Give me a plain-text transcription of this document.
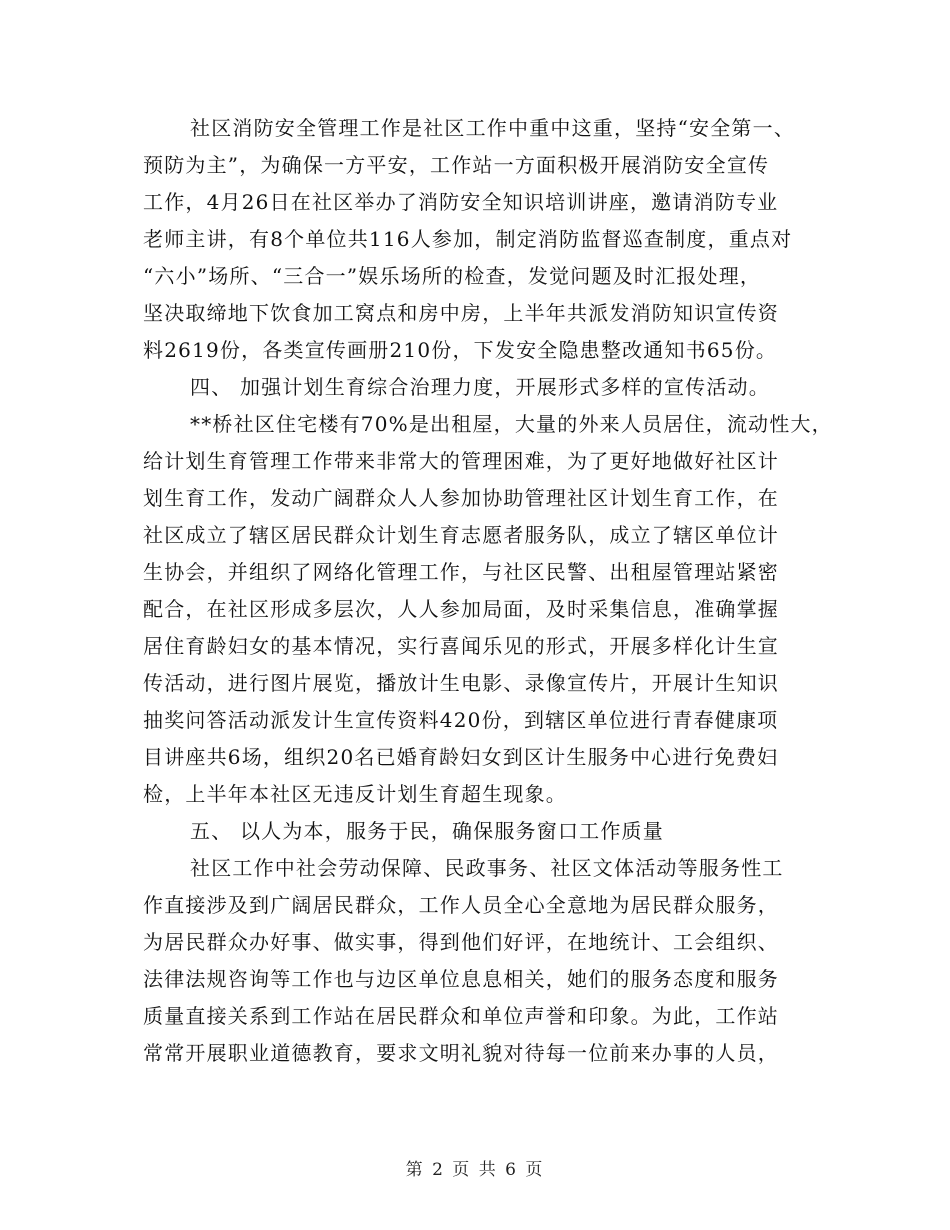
社区消防安全管理工作是社区工作中重中这重，坚持“安全第一、
预防为主”，为确保一方平安，工作站一方面积极开展消防安全宣传
工作，4月26日在社区举办了消防安全知识培训讲座，邀请消防专业
老师主讲，有8个单位共116人参加，制定消防监督巡查制度，重点对
“六小”场所、“三合一”娱乐场所的检查，发觉问题及时汇报处理，
坚决取缔地下饮食加工窝点和房中房，上半年共派发消防知识宣传资
料2619份，各类宣传画册210份，下发安全隐患整改通知书65份。
四、 加强计划生育综合治理力度，开展形式多样的宣传活动。
**桥社区住宅楼有70%是出租屋，大量的外来人员居住，流动性大，
给计划生育管理工作带来非常大的管理困难，为了更好地做好社区计
划生育工作，发动广阔群众人人参加协助管理社区计划生育工作，在
社区成立了辖区居民群众计划生育志愿者服务队，成立了辖区单位计
生协会，并组织了网络化管理工作，与社区民警、出租屋管理站紧密
配合，在社区形成多层次，人人参加局面，及时采集信息，准确掌握
居住育龄妇女的基本情况，实行喜闻乐见的形式，开展多样化计生宣
传活动，进行图片展览，播放计生电影、录像宣传片，开展计生知识
抽奖问答活动派发计生宣传资料420份，到辖区单位进行青春健康项
目讲座共6场，组织20名已婚育龄妇女到区计生服务中心进行免费妇
检，上半年本社区无违反计划生育超生现象。
五、 以人为本，服务于民，确保服务窗口工作质量
社区工作中社会劳动保障、民政事务、社区文体活动等服务性工
作直接涉及到广阔居民群众，工作人员全心全意地为居民群众服务，
为居民群众办好事、做实事，得到他们好评，在地统计、工会组织、
法律法规咨询等工作也与边区单位息息相关，她们的服务态度和服务
质量直接关系到工作站在居民群众和单位声誉和印象。为此，工作站
常常开展职业道德教育，要求文明礼貌对待每一位前来办事的人员，
第 2 页 共 6 页
